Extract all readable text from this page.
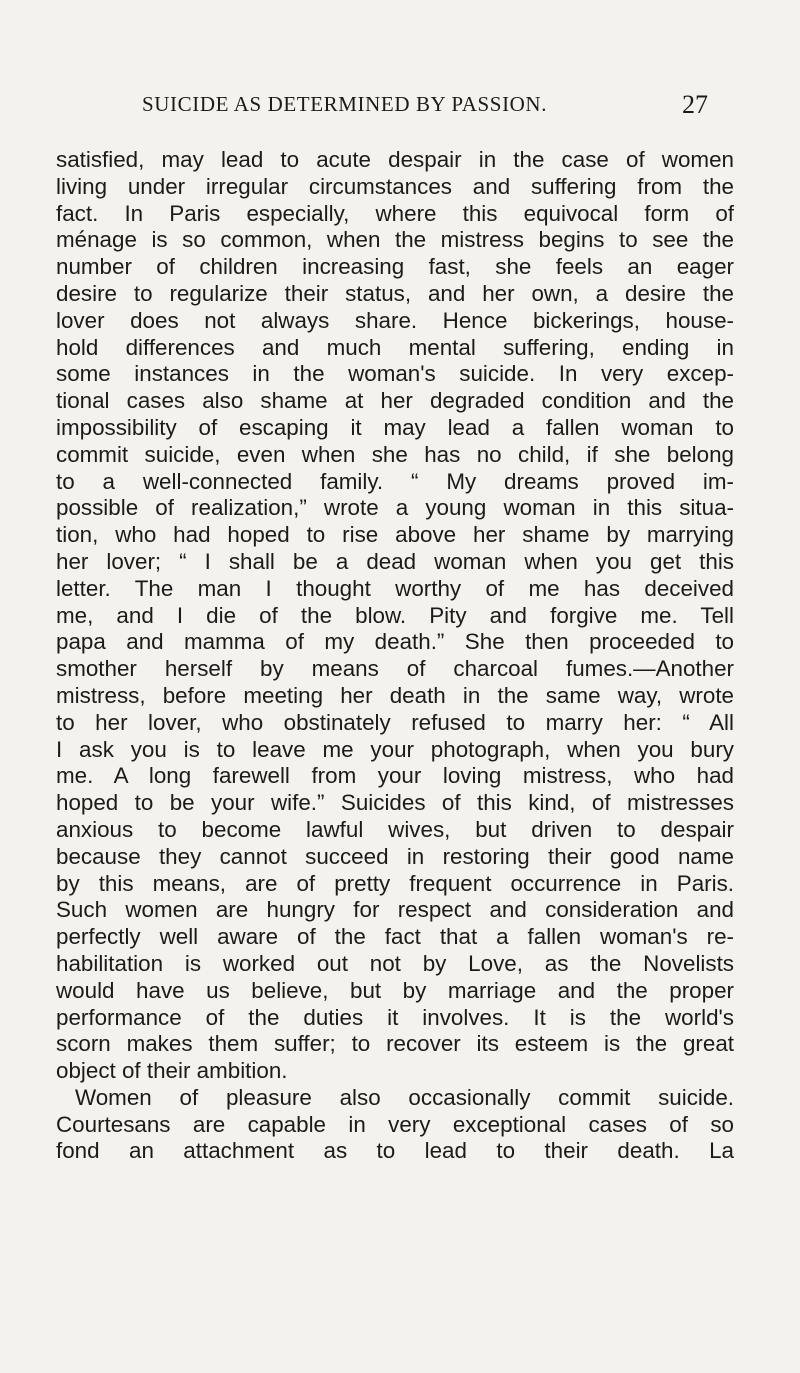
SUICIDE AS DETERMINED BY PASSION.	27
satisfied, may lead to acute despair in the case of women
living under irregular circumstances and suffering from the
fact. In Paris especially, where this equivocal form of
ménage is so common, when the mistress begins to see the
number of children increasing fast, she feels an eager
desire to regularize their status, and her own, a desire the
lover does not always share. Hence bickerings, house-
hold differences and much mental suffering, ending in
some instances in the woman's suicide. In very excep-
tional cases also shame at her degraded condition and the
impossibility of escaping it may lead a fallen woman to
commit suicide, even when she has no child, if she belong
to a well-connected family. “ My dreams proved im-
possible of realization,” wrote a young woman in this situa-
tion, who had hoped to rise above her shame by marrying
her lover; “ I shall be a dead woman when you get this
letter. The man I thought worthy of me has deceived
me, and I die of the blow. Pity and forgive me. Tell
papa and mamma of my death.” She then proceeded to
smother herself by means of charcoal fumes.—Another
mistress, before meeting her death in the same way, wrote
to her lover, who obstinately refused to marry her: “ All
I ask you is to leave me your photograph, when you bury
me. A long farewell from your loving mistress, who had
hoped to be your wife.” Suicides of this kind, of mistresses
anxious to become lawful wives, but driven to despair
because they cannot succeed in restoring their good name
by this means, are of pretty frequent occurrence in Paris.
Such women are hungry for respect and consideration and
perfectly well aware of the fact that a fallen woman's re-
habilitation is worked out not by Love, as the Novelists
would have us believe, but by marriage and the proper
performance of the duties it involves. It is the world's
scorn makes them suffer; to recover its esteem is the great
object of their ambition.
Women of pleasure also occasionally commit suicide.
Courtesans are capable in very exceptional cases of so
fond an attachment as to lead to their death. La
